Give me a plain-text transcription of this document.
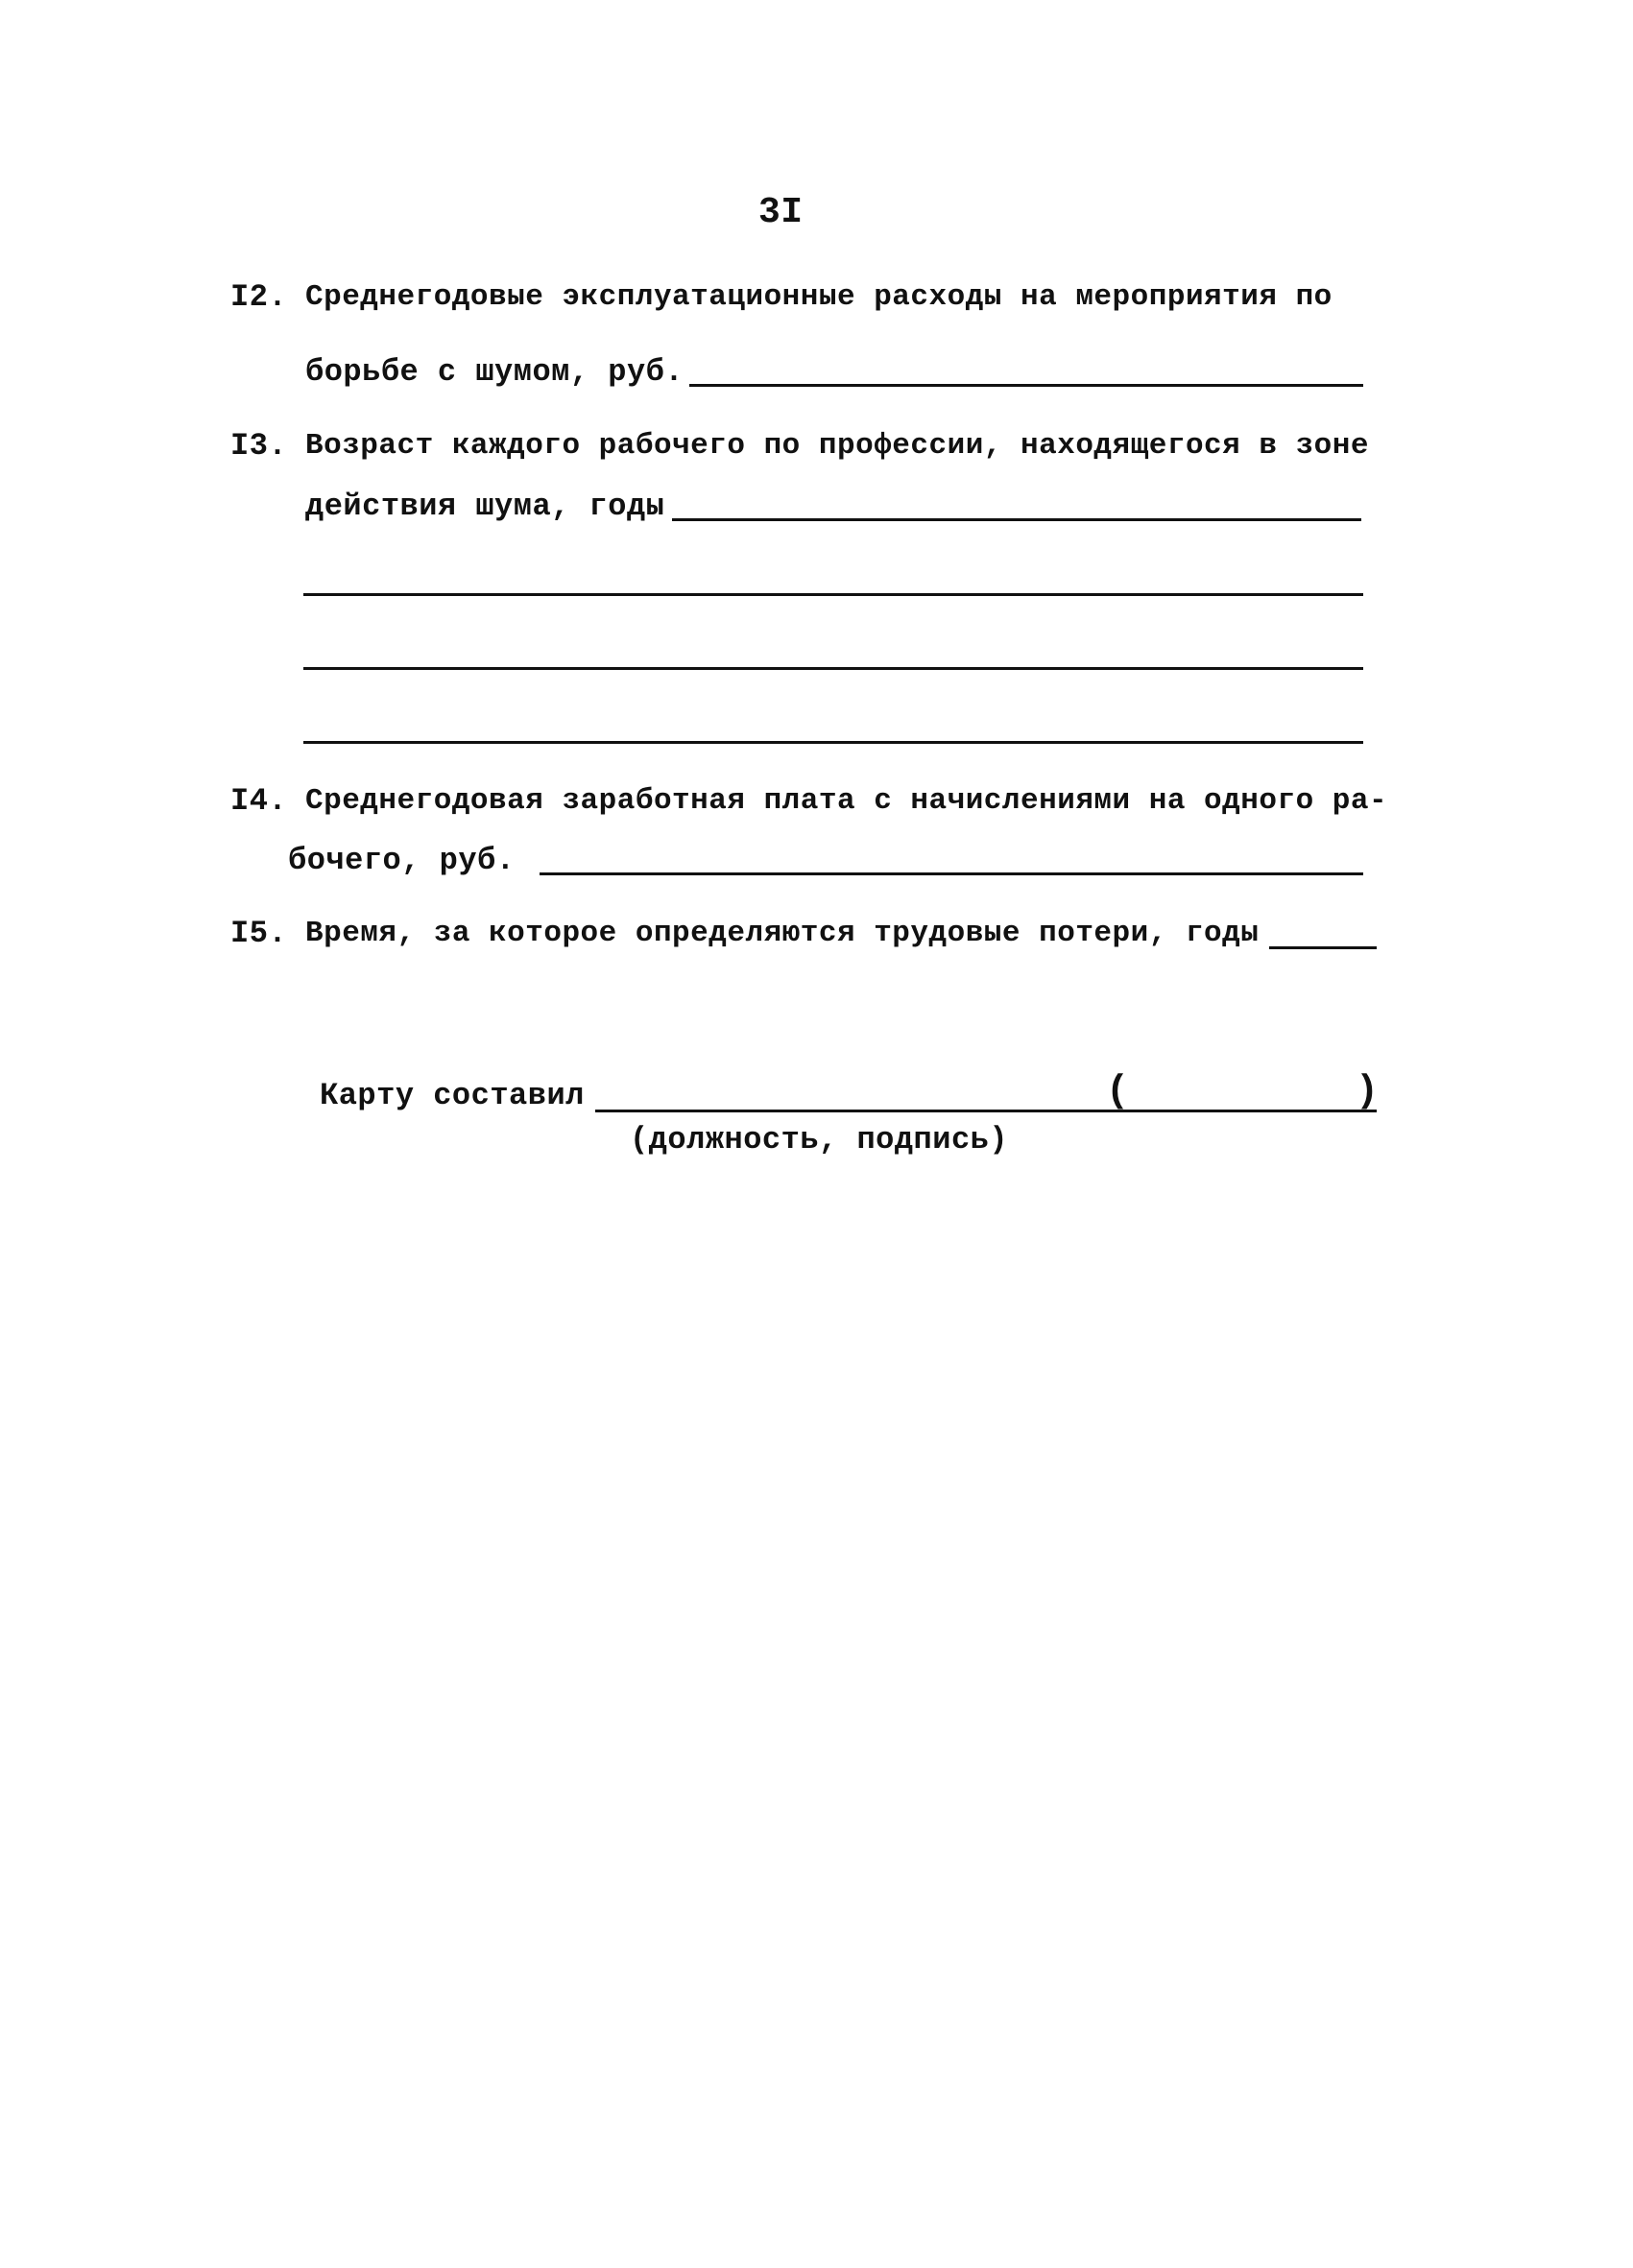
3I
I2. Среднегодовые эксплуатационные расходы на мероприятия по
борьбе с шумом, руб.
I3. Возраст каждого рабочего по профессии, находящегося в зоне
действия шума, годы
I4. Среднегодовая заработная плата с начислениями на одного ра-
бочего, руб.
I5. Время, за которое определяются трудовые потери, годы
Карту составил	(	)
(должность, подпись)
